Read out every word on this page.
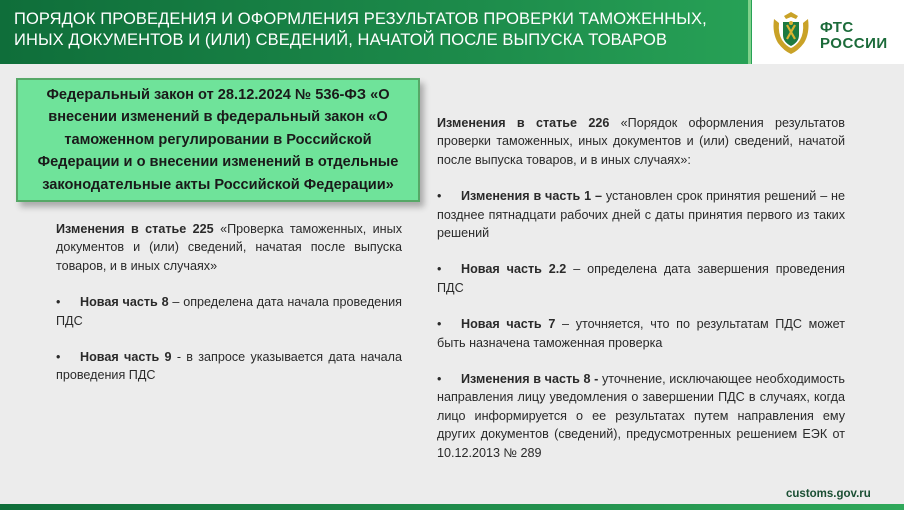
ПОРЯДОК ПРОВЕДЕНИЯ И ОФОРМЛЕНИЯ РЕЗУЛЬТАТОВ ПРОВЕРКИ ТАМОЖЕННЫХ, ИНЫХ ДОКУМЕНТОВ И (ИЛИ) СВЕДЕНИЙ, НАЧАТОЙ ПОСЛЕ ВЫПУСКА ТОВАРОВ
ФТС
РОССИИ
Федеральный закон от 28.12.2024 № 536-ФЗ «О внесении изменений в федеральный закон «О таможенном регулировании в Российской Федерации и о внесении изменений в отдельные законодательные акты Российской Федерации»

Изменения в статье 225 «Проверка таможенных, иных документов и (или) сведений, начатая после выпуска товаров, и в иных случаях»

• Новая часть 8 – определена дата начала проведения ПДС

• Новая часть 9 - в запросе указывается дата начала проведения ПДС

Изменения в статье 226 «Порядок оформления результатов проверки таможенных, иных документов и (или) сведений, начатой после выпуска товаров, и в иных случаях»:

• Изменения в часть 1 – установлен срок принятия решений – не позднее пятнадцати рабочих дней с даты принятия первого из таких решений

• Новая часть 2.2 – определена дата завершения проведения ПДС

• Новая часть 7 – уточняется, что по результатам ПДС может быть назначена таможенная проверка

• Изменения в часть 8 - уточнение, исключающее необходимость направления лицу уведомления о завершении ПДС в случаях, когда лицо информируется о ее результатах путем направления ему других документов (сведений), предусмотренных решением ЕЭК от 10.12.2013 № 289

customs.gov.ru
